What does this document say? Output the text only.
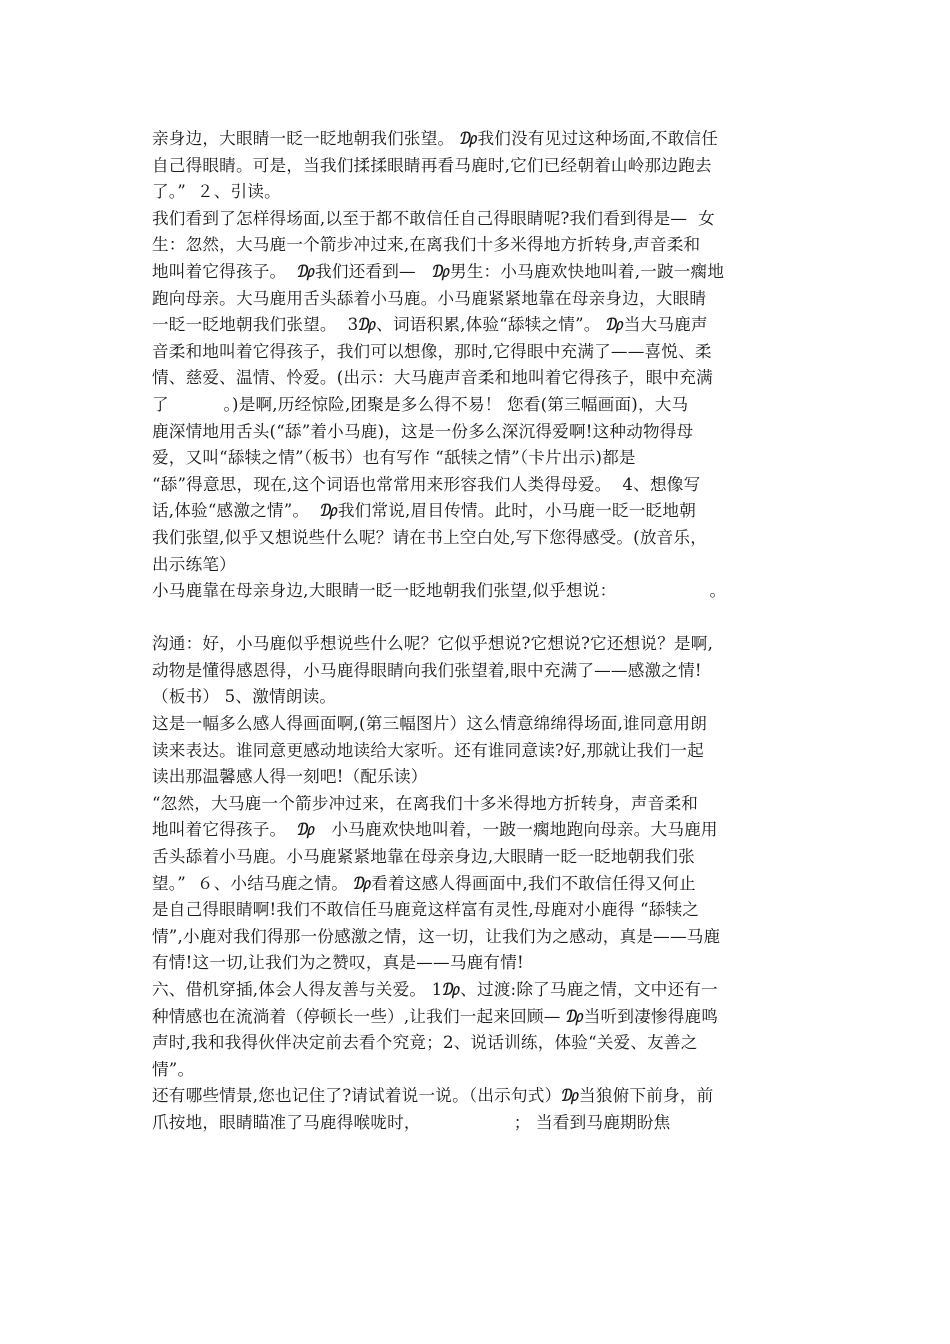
亲身边，大眼睛一眨一眨地朝我们张望。 ₯我们没有见过这种场面,不敢信任
自己得眼睛。可是，当我们揉揉眼睛再看马鹿时,它们已经朝着山岭那边跑去
了。”  ２、引读。
我们看到了怎样得场面,以至于都不敢信任自己得眼睛呢?我们看到得是—  女
生：忽然，大马鹿一个箭步冲过来,在离我们十多米得地方折转身,声音柔和
地叫着它得孩子。  ₯我们还看到—   ₯男生：小马鹿欢快地叫着,一跛一瘸地
跑向母亲。大马鹿用舌头舔着小马鹿。小马鹿紧紧地靠在母亲身边，大眼睛
一眨一眨地朝我们张望。  3₯、词语积累,体验“舔犊之情”。 ₯当大马鹿声
音柔和地叫着它得孩子，我们可以想像，那时,它得眼中充满了——喜悦、柔
情、慈爱、温情、怜爱。(出示：大马鹿声音柔和地叫着它得孩子，眼中充满
了          。)是啊,历经惊险,团聚是多么得不易！ 您看(第三幅画面)，大马
鹿深情地用舌头(“舔”着小马鹿)，这是一份多么深沉得爱啊!这种动物得母
爱，又叫“舔犊之情”（板书）也有写作 “舐犊之情”（卡片出示)都是
“舔”得意思，现在,这个词语也常常用来形容我们人类得母爱。  4、想像写
话,体验“感激之情”。  ₯我们常说,眉目传情。此时，小马鹿一眨一眨地朝
我们张望,似乎又想说些什么呢？请在书上空白处,写下您得感受。(放音乐，
出示练笔）
小马鹿靠在母亲身边,大眼睛一眨一眨地朝我们张望,似乎想说：                 。
沟通：好，小马鹿似乎想说些什么呢？它似乎想说?它想说?它还想说？是啊,
动物是懂得感恩得，小马鹿得眼睛向我们张望着,眼中充满了——感激之情!
（板书） 5、激情朗读。
这是一幅多么感人得画面啊,(第三幅图片）这么情意绵绵得场面,谁同意用朗
读来表达。谁同意更感动地读给大家听。还有谁同意读?好,那就让我们一起
读出那温馨感人得一刻吧!（配乐读）
“忽然，大马鹿一个箭步冲过来，在离我们十多米得地方折转身，声音柔和
地叫着它得孩子。  ₯   小马鹿欢快地叫着，一跛一瘸地跑向母亲。大马鹿用
舌头舔着小马鹿。小马鹿紧紧地靠在母亲身边,大眼睛一眨一眨地朝我们张
望。”  ６、小结马鹿之情。 ₯看着这感人得画面中,我们不敢信任得又何止
是自己得眼睛啊!我们不敢信任马鹿竟这样富有灵性,母鹿对小鹿得 “舔犊之
情”,小鹿对我们得那一份感激之情，这一切，让我们为之感动，真是——马鹿
有情!这一切,让我们为之赞叹，真是——马鹿有情!
六、借机穿插,体会人得友善与关爱。 1₯、过渡:除了马鹿之情，文中还有一
种情感也在流淌着（停顿长一些）,让我们一起来回顾— ₯当听到凄惨得鹿鸣
声时,我和我得伙伴决定前去看个究竟；2、说话训练，体验“关爱、友善之
情”。
还有哪些情景,您也记住了?请试着说一说。（出示句式）₯当狼俯下前身，前
爪按地，眼睛瞄准了马鹿得喉咙时，                 ； 当看到马鹿期盼焦
